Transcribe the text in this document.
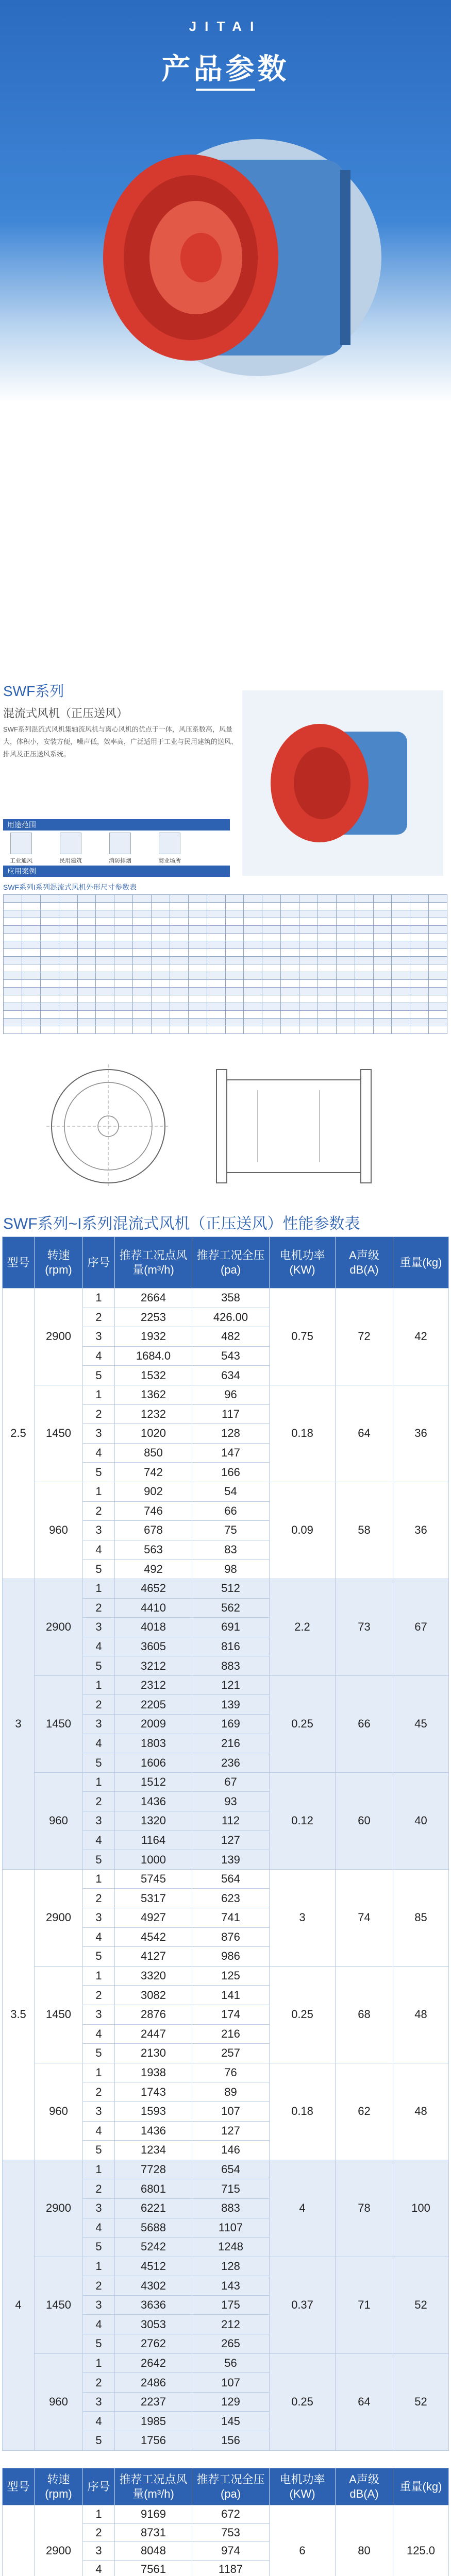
JITAI
产品参数
SWF系列
混流式风机（正压送风）
SWF系列混流式风机集轴流风机与离心风机的优点于一体，风压系数高，风量大，体积小，安装方便，噪声低，效率高，广泛适用于工业与民用建筑的送风、排风及正压送风系统。
用途范围
工业通风	民用建筑	消防排烟	商业场所
应用案例
SWF系列I系列混流式风机外形尺寸参数表

SWF系列~I系列混流式风机（正压送风）性能参数表
型号	转速(rpm)	序号	推荐工况点风量(m³/h)	推荐工况全压(pa)	电机功率(KW)	A声级dB(A)	重量(kg)
2.5	2900	1	2664	358	0.75	72	42
		2	2253	426.00			
		3	1932	482			
		4	1684.0	543			
		5	1532	634			
	1450	1	1362	96	0.18	64	36
		2	1232	117			
		3	1020	128			
		4	850	147			
		5	742	166			
	960	1	902	54	0.09	58	36
		2	746	66			
		3	678	75			
		4	563	83			
		5	492	98			
3	2900	1	4652	512	2.2	73	67
		2	4410	562			
		3	4018	691			
		4	3605	816			
		5	3212	883			
	1450	1	2312	121	0.25	66	45
		2	2205	139			
		3	2009	169			
		4	1803	216			
		5	1606	236			
	960	1	1512	67	0.12	60	40
		2	1436	93			
		3	1320	112			
		4	1164	127			
		5	1000	139			
3.5	2900	1	5745	564	3	74	85
		2	5317	623			
		3	4927	741			
		4	4542	876			
		5	4127	986			
	1450	1	3320	125	0.25	68	48
		2	3082	141			
		3	2876	174			
		4	2447	216			
		5	2130	257			
	960	1	1938	76	0.18	62	48
		2	1743	89			
		3	1593	107			
		4	1436	127			
		5	1234	146			
4	2900	1	7728	654	4	78	100
		2	6801	715			
		3	6221	883			
		4	5688	1107			
		5	5242	1248			
	1450	1	4512	128	0.37	71	52
		2	4302	143			
		3	3636	175			
		4	3053	212			
		5	2762	265			
	960	1	2642	56	0.25	64	52
		2	2486	107			
		3	2237	129			
		4	1985	145			
		5	1756	156			
型号	转速(rpm)	序号	推荐工况点风量(m³/h)	推荐工况全压(pa)	电机功率(KW)	A声级dB(A)	重量(kg)
	2900	1	9169	672	6	80	125.0
		2	8731	753			
		3	8048	974			
		4	7561	1187			
